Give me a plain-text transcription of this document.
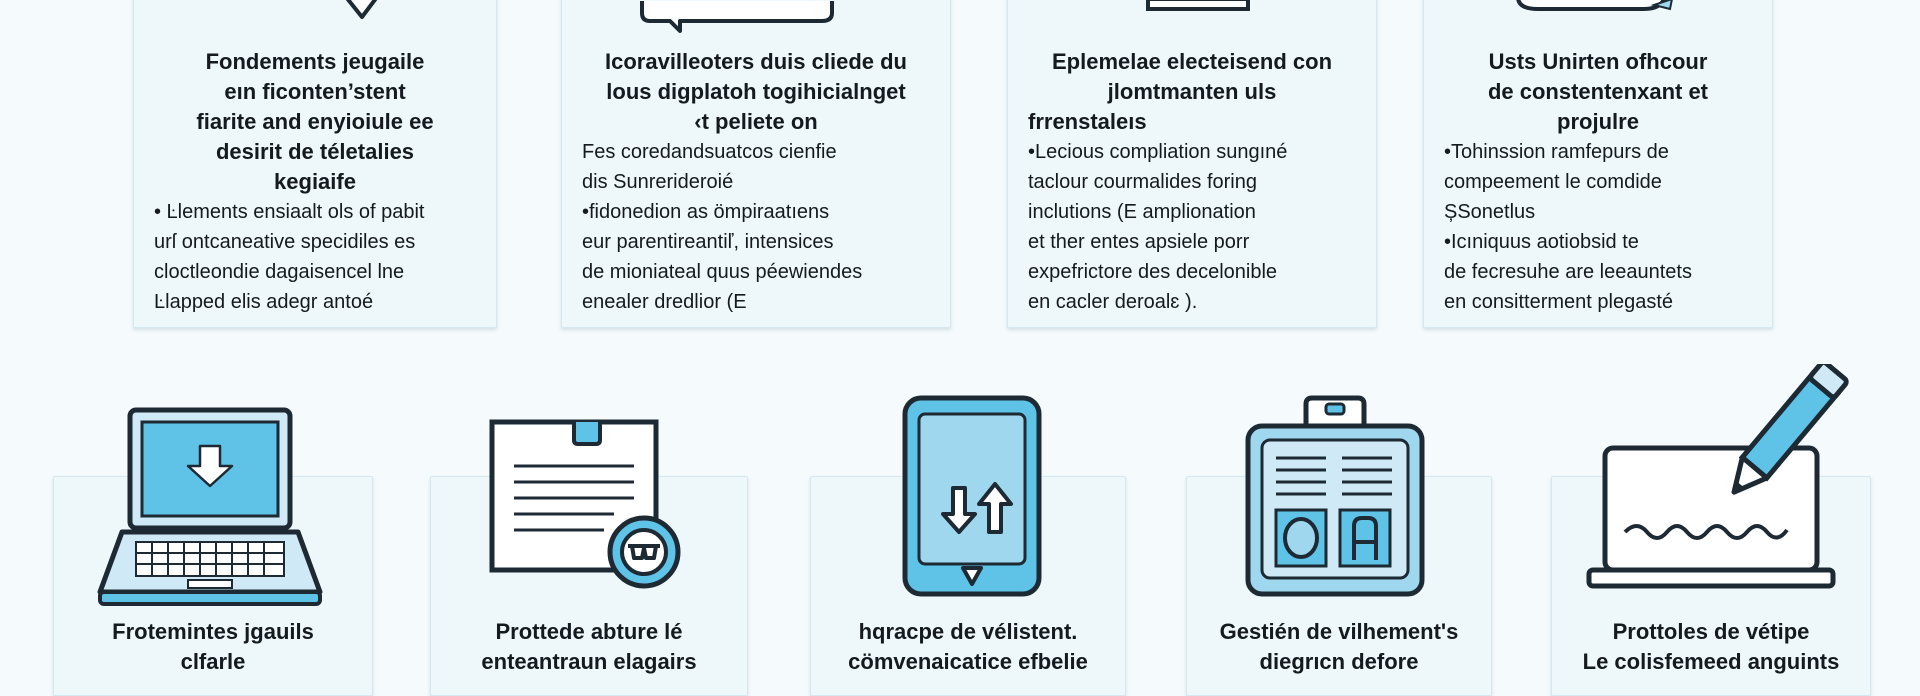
Fondements jeugaile
eın ficonten’stent
fiarite and enyioiule ee
desirit de téletalies
kegiaife

• Ŀlements ensiaalt ols of pabit

urſ ontcaneative specidiles es

cloctleondie dagaisencel lne

Ŀlapped elis adegr antoé

Icoravilleoters duis cliede du
lous digplatoh togihicialnget
‹t peliete on

Fes coredandsuatcos cienfie

dis Sunrerideroié

•fidonedion as ömpiraatıens

eur parentireantiľ, intensices

de mioniateal quus péewiendes

enealer dredlior (E

Eplemelae electeisend con
jlomtmanten uls
frrenstaleıs

•Lecious compliation sungıné

taclour courmalides foring

inclutions (E amplionation

et ther entes apsiele porr

expefrictore des decelonible

en cacler deroalɛ ).

Usts Unirten ofhcour
de constentenxant et
projulre

•Tohinssion ramfepurs de

compeement le comdide

ȘSonetlus

•Icıniquus aotiobsid te

de fecresuhe are leeauntets

en consitterment plegasté

Frotemintes jgauils
clfarle
Prottede abture lé
enteantraun elagairs
hqracpe de vélistent.
cömvenaicatice efbelie
Gestién de vilhement's
diegrıcn defore
Prottoles de vétipe
Le colisfemeed anguints
